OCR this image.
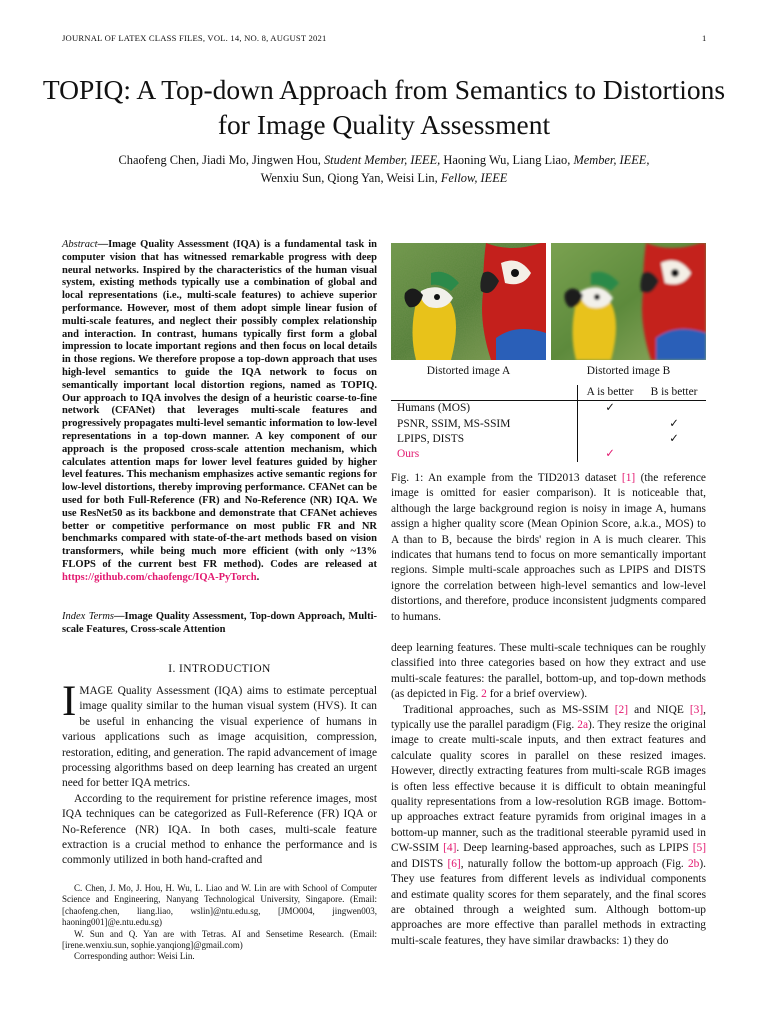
JOURNAL OF LATEX CLASS FILES, VOL. 14, NO. 8, AUGUST 2021	1
TOPIQ: A Top-down Approach from Semantics to Distortions for Image Quality Assessment
Chaofeng Chen, Jiadi Mo, Jingwen Hou, Student Member, IEEE, Haoning Wu, Liang Liao, Member, IEEE,
Wenxiu Sun, Qiong Yan, Weisi Lin, Fellow, IEEE
Abstract—Image Quality Assessment (IQA) is a fundamental task in computer vision that has witnessed remarkable progress with deep neural networks. Inspired by the characteristics of the human visual system, existing methods typically use a combination of global and local representations (i.e., multi-scale features) to achieve superior performance. However, most of them adopt simple linear fusion of multi-scale features, and neglect their possibly complex relationship and interaction. In contrast, humans typically first form a global impression to locate important regions and then focus on local details in those regions. We therefore propose a top-down approach that uses high-level semantics to guide the IQA network to focus on semantically important local distortion regions, named as TOPIQ. Our approach to IQA involves the design of a heuristic coarse-to-fine network (CFANet) that leverages multi-scale features and progressively propagates multi-level semantic information to low-level representations in a top-down manner. A key component of our approach is the proposed cross-scale attention mechanism, which calculates attention maps for lower level features guided by higher level features. This mechanism emphasizes active semantic regions for low-level distortions, thereby improving performance. CFANet can be used for both Full-Reference (FR) and No-Reference (NR) IQA. We use ResNet50 as its backbone and demonstrate that CFANet achieves better or competitive performance on most public FR and NR benchmarks compared with state-of-the-art methods based on vision transformers, while being much more efficient (with only ~13% FLOPS of the current best FR method). Codes are released at https://github.com/chaofengc/IQA-PyTorch.
Index Terms—Image Quality Assessment, Top-down Approach, Multi-scale Features, Cross-scale Attention
I. INTRODUCTION

IMAGE Quality Assessment (IQA) aims to estimate perceptual image quality similar to the human visual system (HVS). It can be useful in enhancing the visual experience of humans in various applications such as image acquisition, compression, restoration, editing, and generation. The rapid advancement of image processing algorithms based on deep learning has created an urgent need for better IQA metrics.

According to the requirement for pristine reference images, most IQA techniques can be categorized as Full-Reference (FR) IQA or No-Reference (NR) IQA. In both cases, multi-scale feature extraction is a crucial method to enhance the performance and is commonly utilized in both hand-crafted and

C. Chen, J. Mo, J. Hou, H. Wu, L. Liao and W. Lin are with School of Computer Science and Engineering, Nanyang Technological University, Singapore. (Email: [chaofeng.chen, liang.liao, wslin]@ntu.edu.sg, [JMO004, jingwen003, haoning001]@e.ntu.edu.sg)

W. Sun and Q. Yan are with Tetras. AI and Sensetime Research. (Email: [irene.wenxiu.sun, sophie.yanqiong]@gmail.com)

Corresponding author: Weisi Lin.

Distorted image A	Distorted image B
	A is better	B is better
Humans (MOS)	✓	
PSNR, SSIM, MS-SSIM		✓
LPIPS, DISTS		✓
Ours	✓	
Fig. 1: An example from the TID2013 dataset [1] (the reference image is omitted for easier comparison). It is noticeable that, although the large background region is noisy in image A, humans assign a higher quality score (Mean Opinion Score, a.k.a., MOS) to A than to B, because the birds' region in A is much clearer. This indicates that humans tend to focus on more semantically important regions. Simple multi-scale approaches such as LPIPS and DISTS ignore the correlation between high-level semantics and low-level distortions, and therefore, produce inconsistent judgments compared to humans.

deep learning features. These multi-scale techniques can be roughly classified into three categories based on how they extract and use multi-scale features: the parallel, bottom-up, and top-down methods (as depicted in Fig. 2 for a brief overview).

Traditional approaches, such as MS-SSIM [2] and NIQE [3], typically use the parallel paradigm (Fig. 2a). They resize the original image to create multi-scale inputs, and then extract features and calculate quality scores in parallel on these resized images. However, directly extracting features from multi-scale RGB images is often less effective because it is difficult to obtain meaningful quality representations from a low-resolution RGB image. Bottom-up approaches extract feature pyramids from original images in a bottom-up manner, such as the traditional steerable pyramid used in CW-SSIM [4]. Deep learning-based approaches, such as LPIPS [5] and DISTS [6], naturally follow the bottom-up approach (Fig. 2b). They use features from different levels as individual components and estimate quality scores for them separately, and the final scores are obtained through a weighted sum. Although bottom-up approaches are more effective than parallel methods in extracting multi-scale features, they have similar drawbacks: 1) they do
